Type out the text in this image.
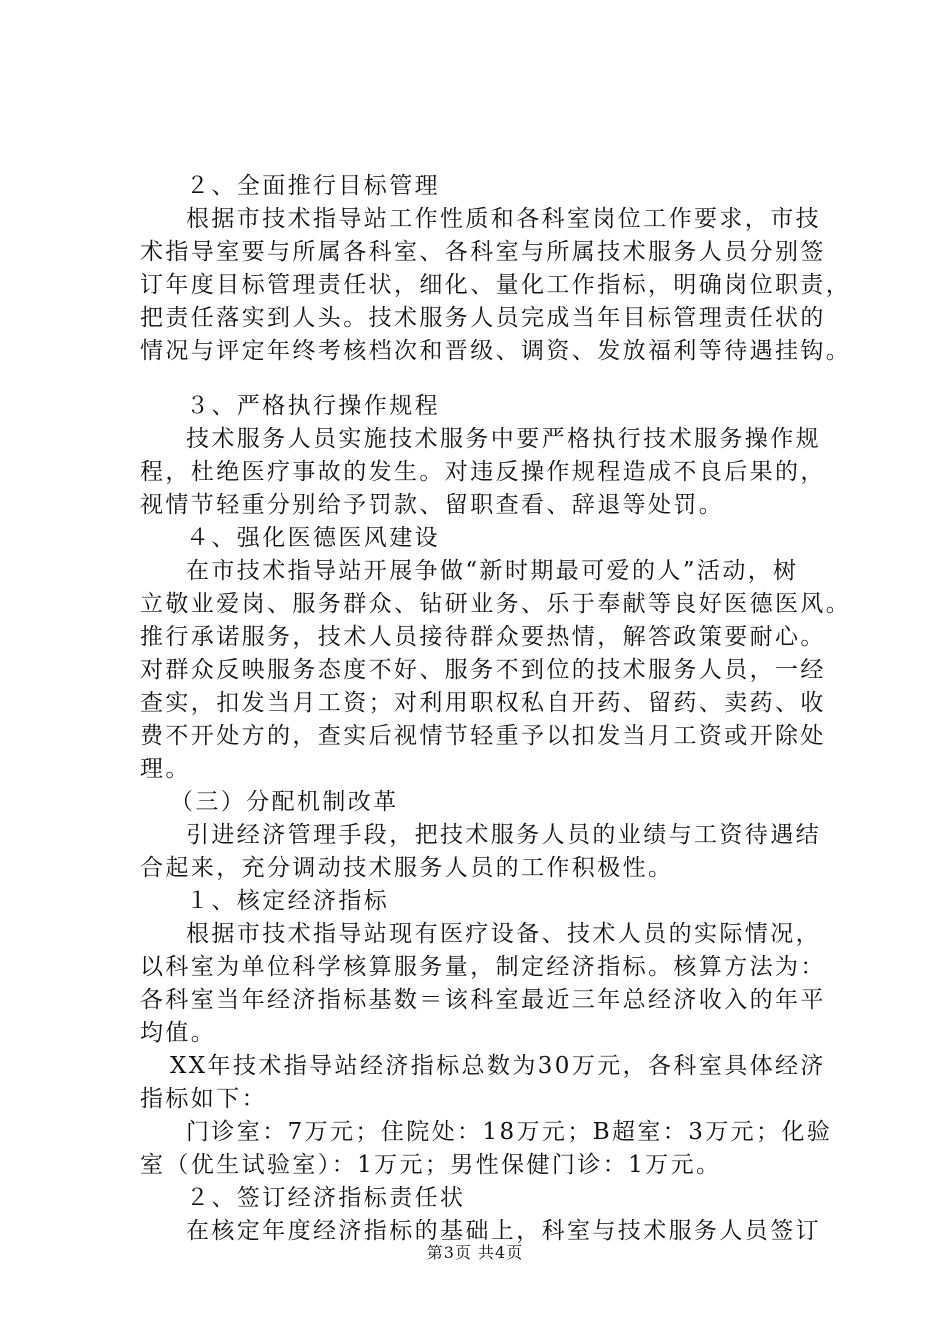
２、全面推行目标管理
根据市技术指导站工作性质和各科室岗位工作要求，市技
术指导室要与所属各科室、各科室与所属技术服务人员分别签
订年度目标管理责任状，细化、量化工作指标，明确岗位职责，
把责任落实到人头。技术服务人员完成当年目标管理责任状的
情况与评定年终考核档次和晋级、调资、发放福利等待遇挂钩。
３、严格执行操作规程
技术服务人员实施技术服务中要严格执行技术服务操作规
程，杜绝医疗事故的发生。对违反操作规程造成不良后果的，
视情节轻重分别给予罚款、留职查看、辞退等处罚。
４、强化医德医风建设
在市技术指导站开展争做“新时期最可爱的人”活动，树
立敬业爱岗、服务群众、钻研业务、乐于奉献等良好医德医风。
推行承诺服务，技术人员接待群众要热情，解答政策要耐心。
对群众反映服务态度不好、服务不到位的技术服务人员，一经
查实，扣发当月工资；对利用职权私自开药、留药、卖药、收
费不开处方的，查实后视情节轻重予以扣发当月工资或开除处
理。
（三）分配机制改革
引进经济管理手段，把技术服务人员的业绩与工资待遇结
合起来，充分调动技术服务人员的工作积极性。
１、核定经济指标
根据市技术指导站现有医疗设备、技术人员的实际情况，
以科室为单位科学核算服务量，制定经济指标。核算方法为：
各科室当年经济指标基数＝该科室最近三年总经济收入的年平
均值。
XX年技术指导站经济指标总数为30万元，各科室具体经济
指标如下：
门诊室：7万元；住院处：18万元；B超室：3万元；化验
室（优生试验室）：1万元；男性保健门诊：1万元。
２、签订经济指标责任状
在核定年度经济指标的基础上，科室与技术服务人员签订
第3页 共4页
